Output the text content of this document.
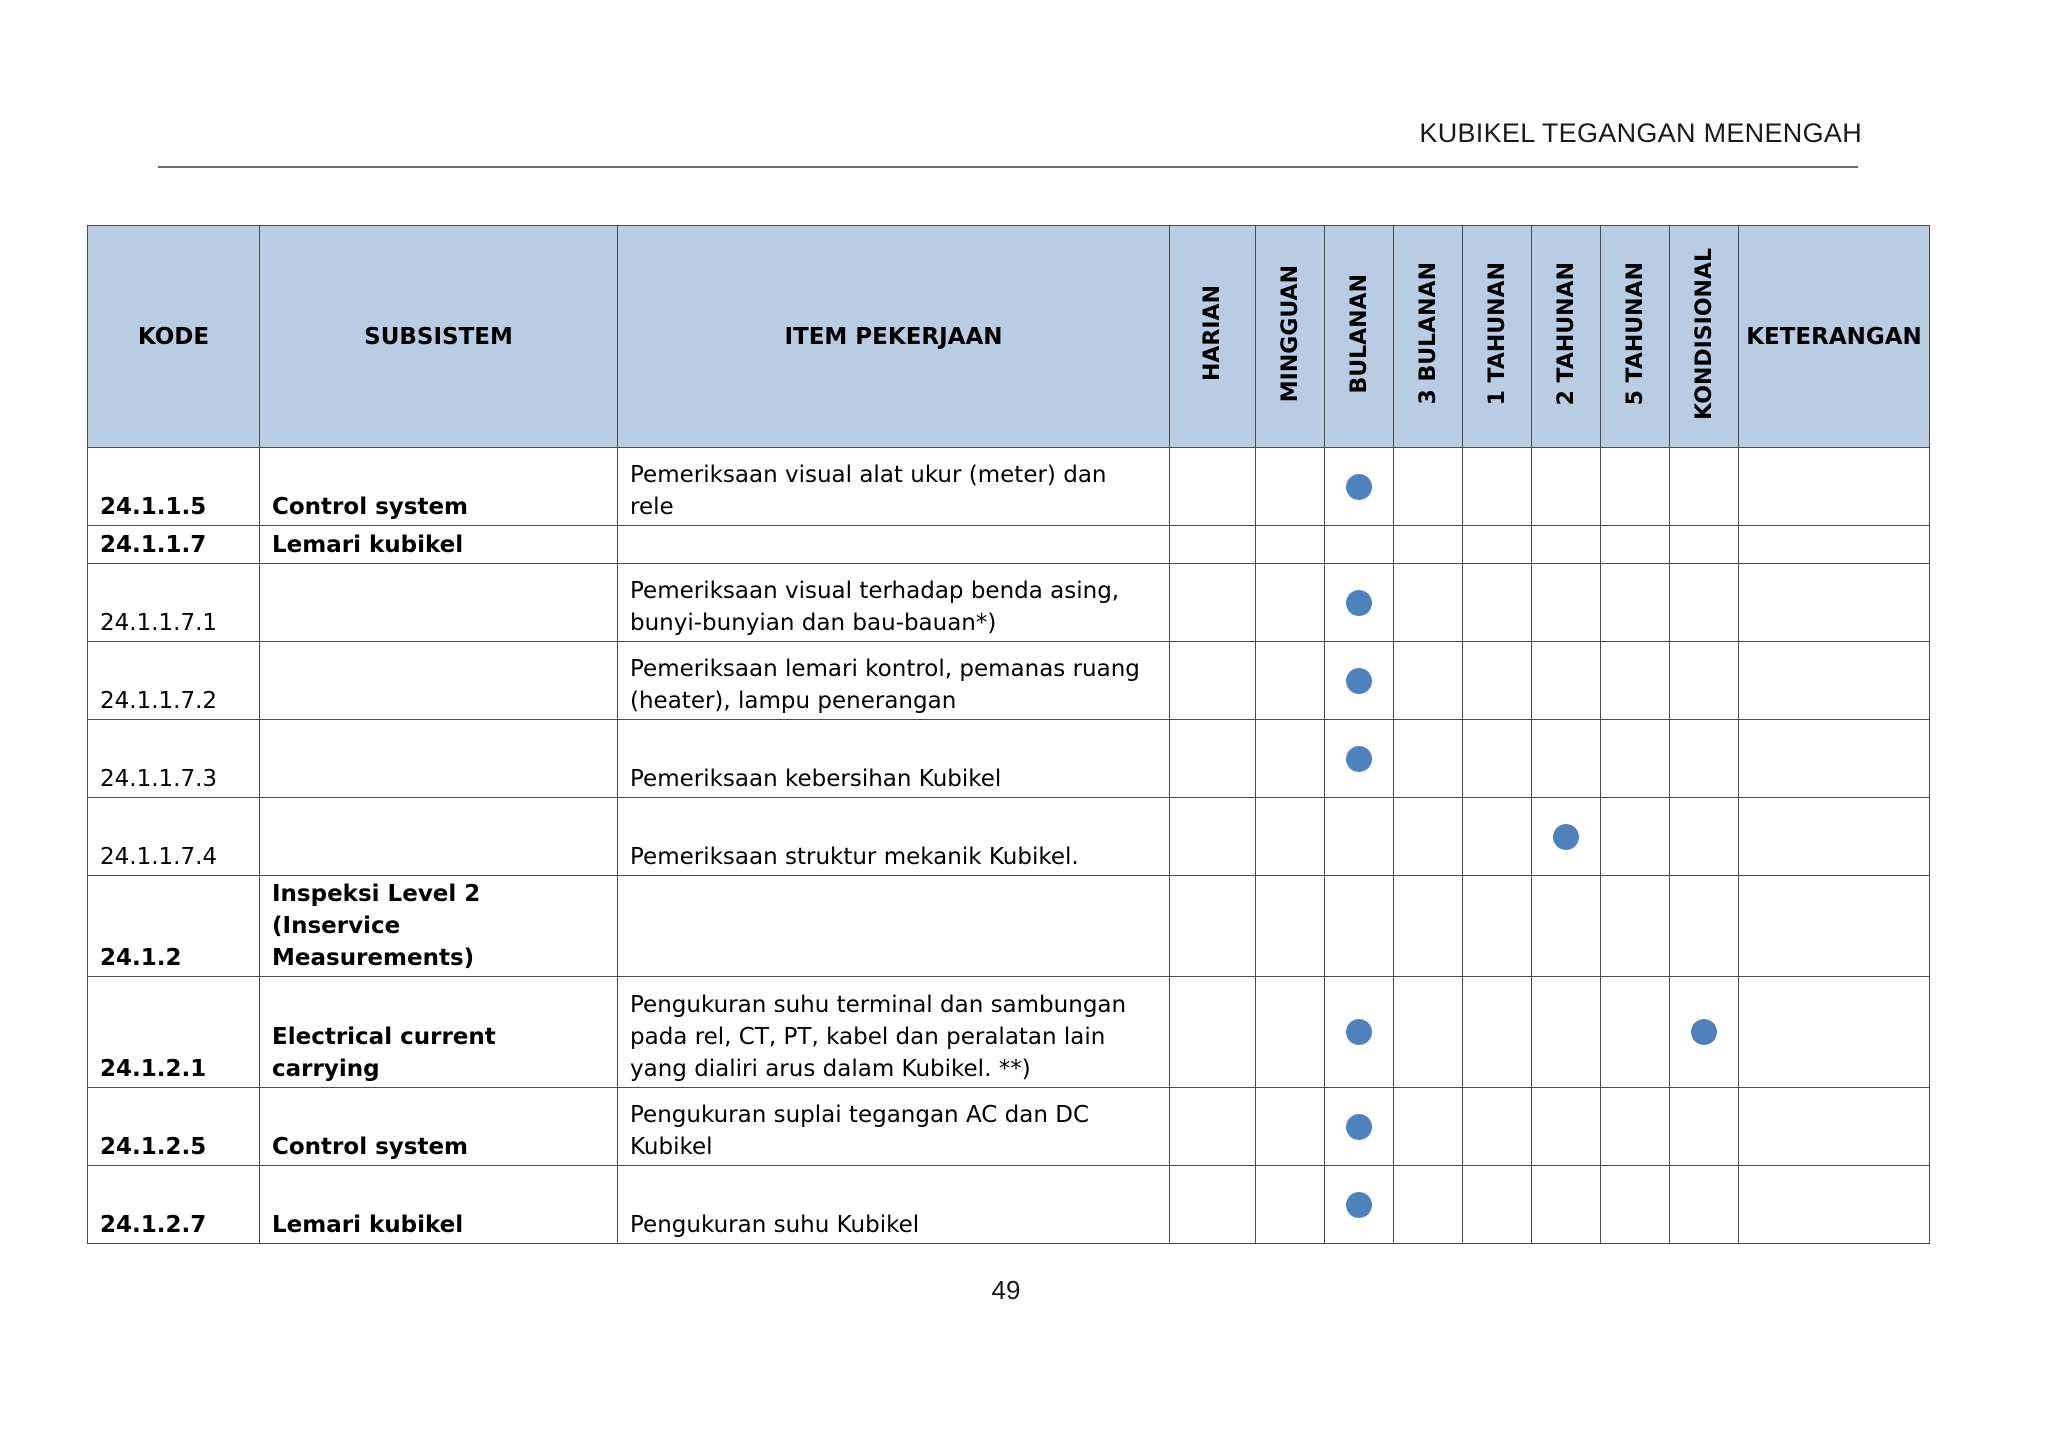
KUBIKEL TEGANGAN MENENGAH
KODE	SUBSISTEM	ITEM PEKERJAAN	HARIAN	MINGGUAN	BULANAN	3 BULANAN	1 TAHUNAN	2 TAHUNAN	5 TAHUNAN	KONDISIONAL	KETERANGAN

24.1.1.5	Control system	Pemeriksaan visual alat ukur (meter) dan rele			

24.1.1.7	Lemari kubikel										
24.1.1.7.1		Pemeriksaan visual terhadap benda asing, bunyi-bunyian dan bau-bauan*)			

24.1.1.7.2		Pemeriksaan lemari kontrol, pemanas ruang (heater), lampu penerangan			

24.1.1.7.3		Pemeriksaan kebersihan Kubikel			

24.1.1.7.4		Pemeriksaan struktur mekanik Kubikel.						

24.1.2	Inspeksi Level 2 (Inservice Measurements)										
24.1.2.1	Electrical current carrying	Pengukuran suhu terminal dan sambungan pada rel, CT, PT, kabel dan peralatan lain yang dialiri arus dalam Kubikel. **)			

24.1.2.5	Control system	Pengukuran suplai tegangan AC dan DC Kubikel			

24.1.2.7	Lemari kubikel	Pengukuran suhu Kubikel			

49
